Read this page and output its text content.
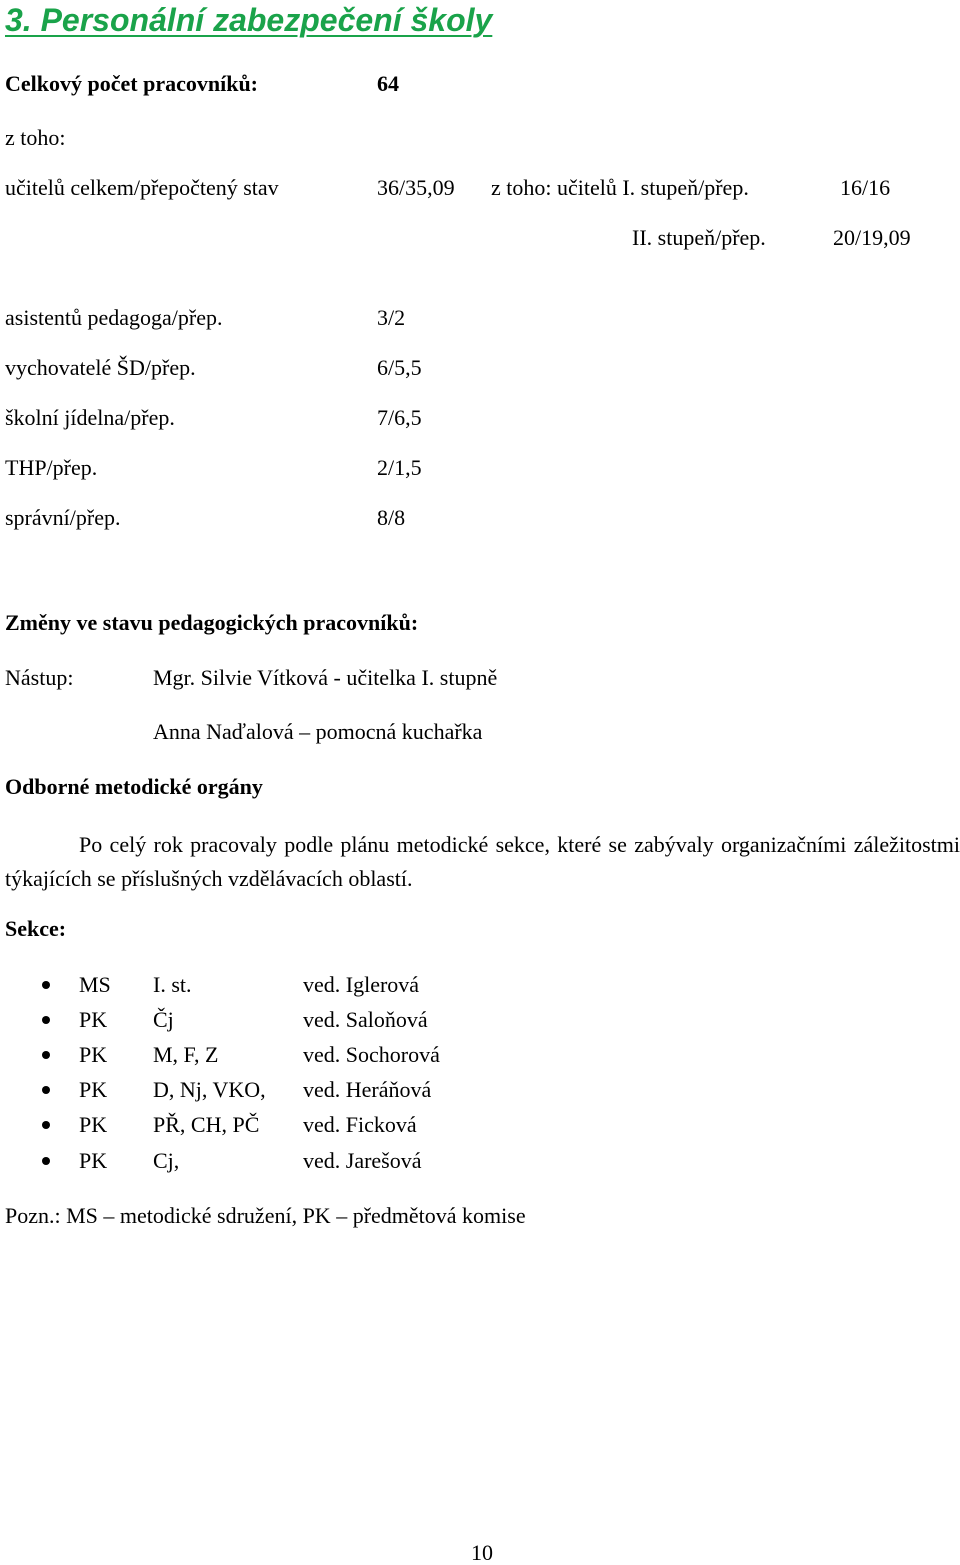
3. Personální zabezpečení školy
Celkový počet pracovníků:	64
z toho:
učitelů celkem/přepočtený stav	36/35,09 z toho: učitelů I. stupeň/přep.	16/16
II. stupeň/přep.	20/19,09
asistentů pedagoga/přep.	3/2
vychovatelé ŠD/přep.	6/5,5
školní jídelna/přep.	7/6,5
THP/přep.	2/1,5
správní/přep.	8/8
Změny ve stavu pedagogických pracovníků:
Nástup:	Mgr. Silvie Vítková - učitelka I. stupně
Anna Naďalová – pomocná kuchařka
Odborné metodické orgány
Po celý rok pracovaly podle plánu metodické sekce, které se zabývaly organizačními záležitostmi týkajících se příslušných vzdělávacích oblastí.
Sekce:
MS I. st.	ved. Iglerová
PK Čj	ved. Saloňová
PK M, F, Z	ved. Sochorová
PK D, Nj, VKO, ved. Heráňová
PK PŘ, CH, PČ ved. Ficková
PK Cj,	ved. Jarešová
Pozn.: MS – metodické sdružení, PK – předmětová komise
10
